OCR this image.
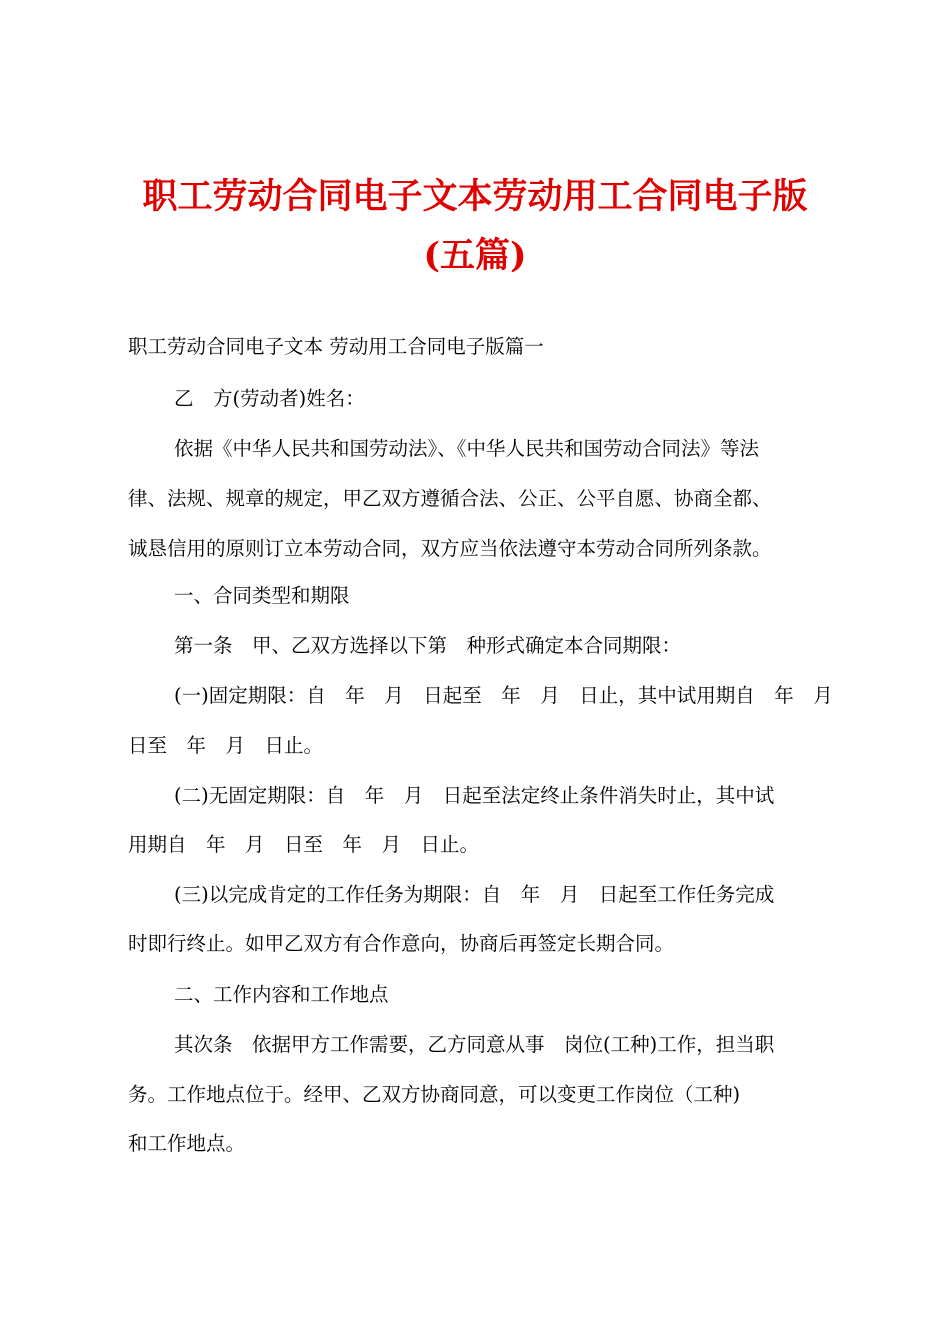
职工劳动合同电子文本劳动用工合同电子版
(五篇)

职工劳动合同电子文本 劳动用工合同电子版篇一

乙　方(劳动者)姓名：

依据《中华人民共和国劳动法》、《中华人民共和国劳动合同法》等法

律、法规、规章的规定，甲乙双方遵循合法、公正、公平自愿、协商全都、

诚恳信用的原则订立本劳动合同，双方应当依法遵守本劳动合同所列条款。

一、合同类型和期限

第一条　甲、乙双方选择以下第　种形式确定本合同期限：

(一)固定期限：自　年　月　日起至　年　月　日止，其中试用期自　年　月

日至　年　月　日止。

(二)无固定期限：自　年　月　日起至法定终止条件消失时止，其中试

用期自　年　月　日至　年　月　日止。

(三)以完成肯定的工作任务为期限：自　年　月　日起至工作任务完成

时即行终止。如甲乙双方有合作意向，协商后再签定长期合同。

二、工作内容和工作地点

其次条　依据甲方工作需要，乙方同意从事　岗位(工种)工作，担当职

务。工作地点位于。经甲、乙双方协商同意，可以变更工作岗位（工种)

和工作地点。
